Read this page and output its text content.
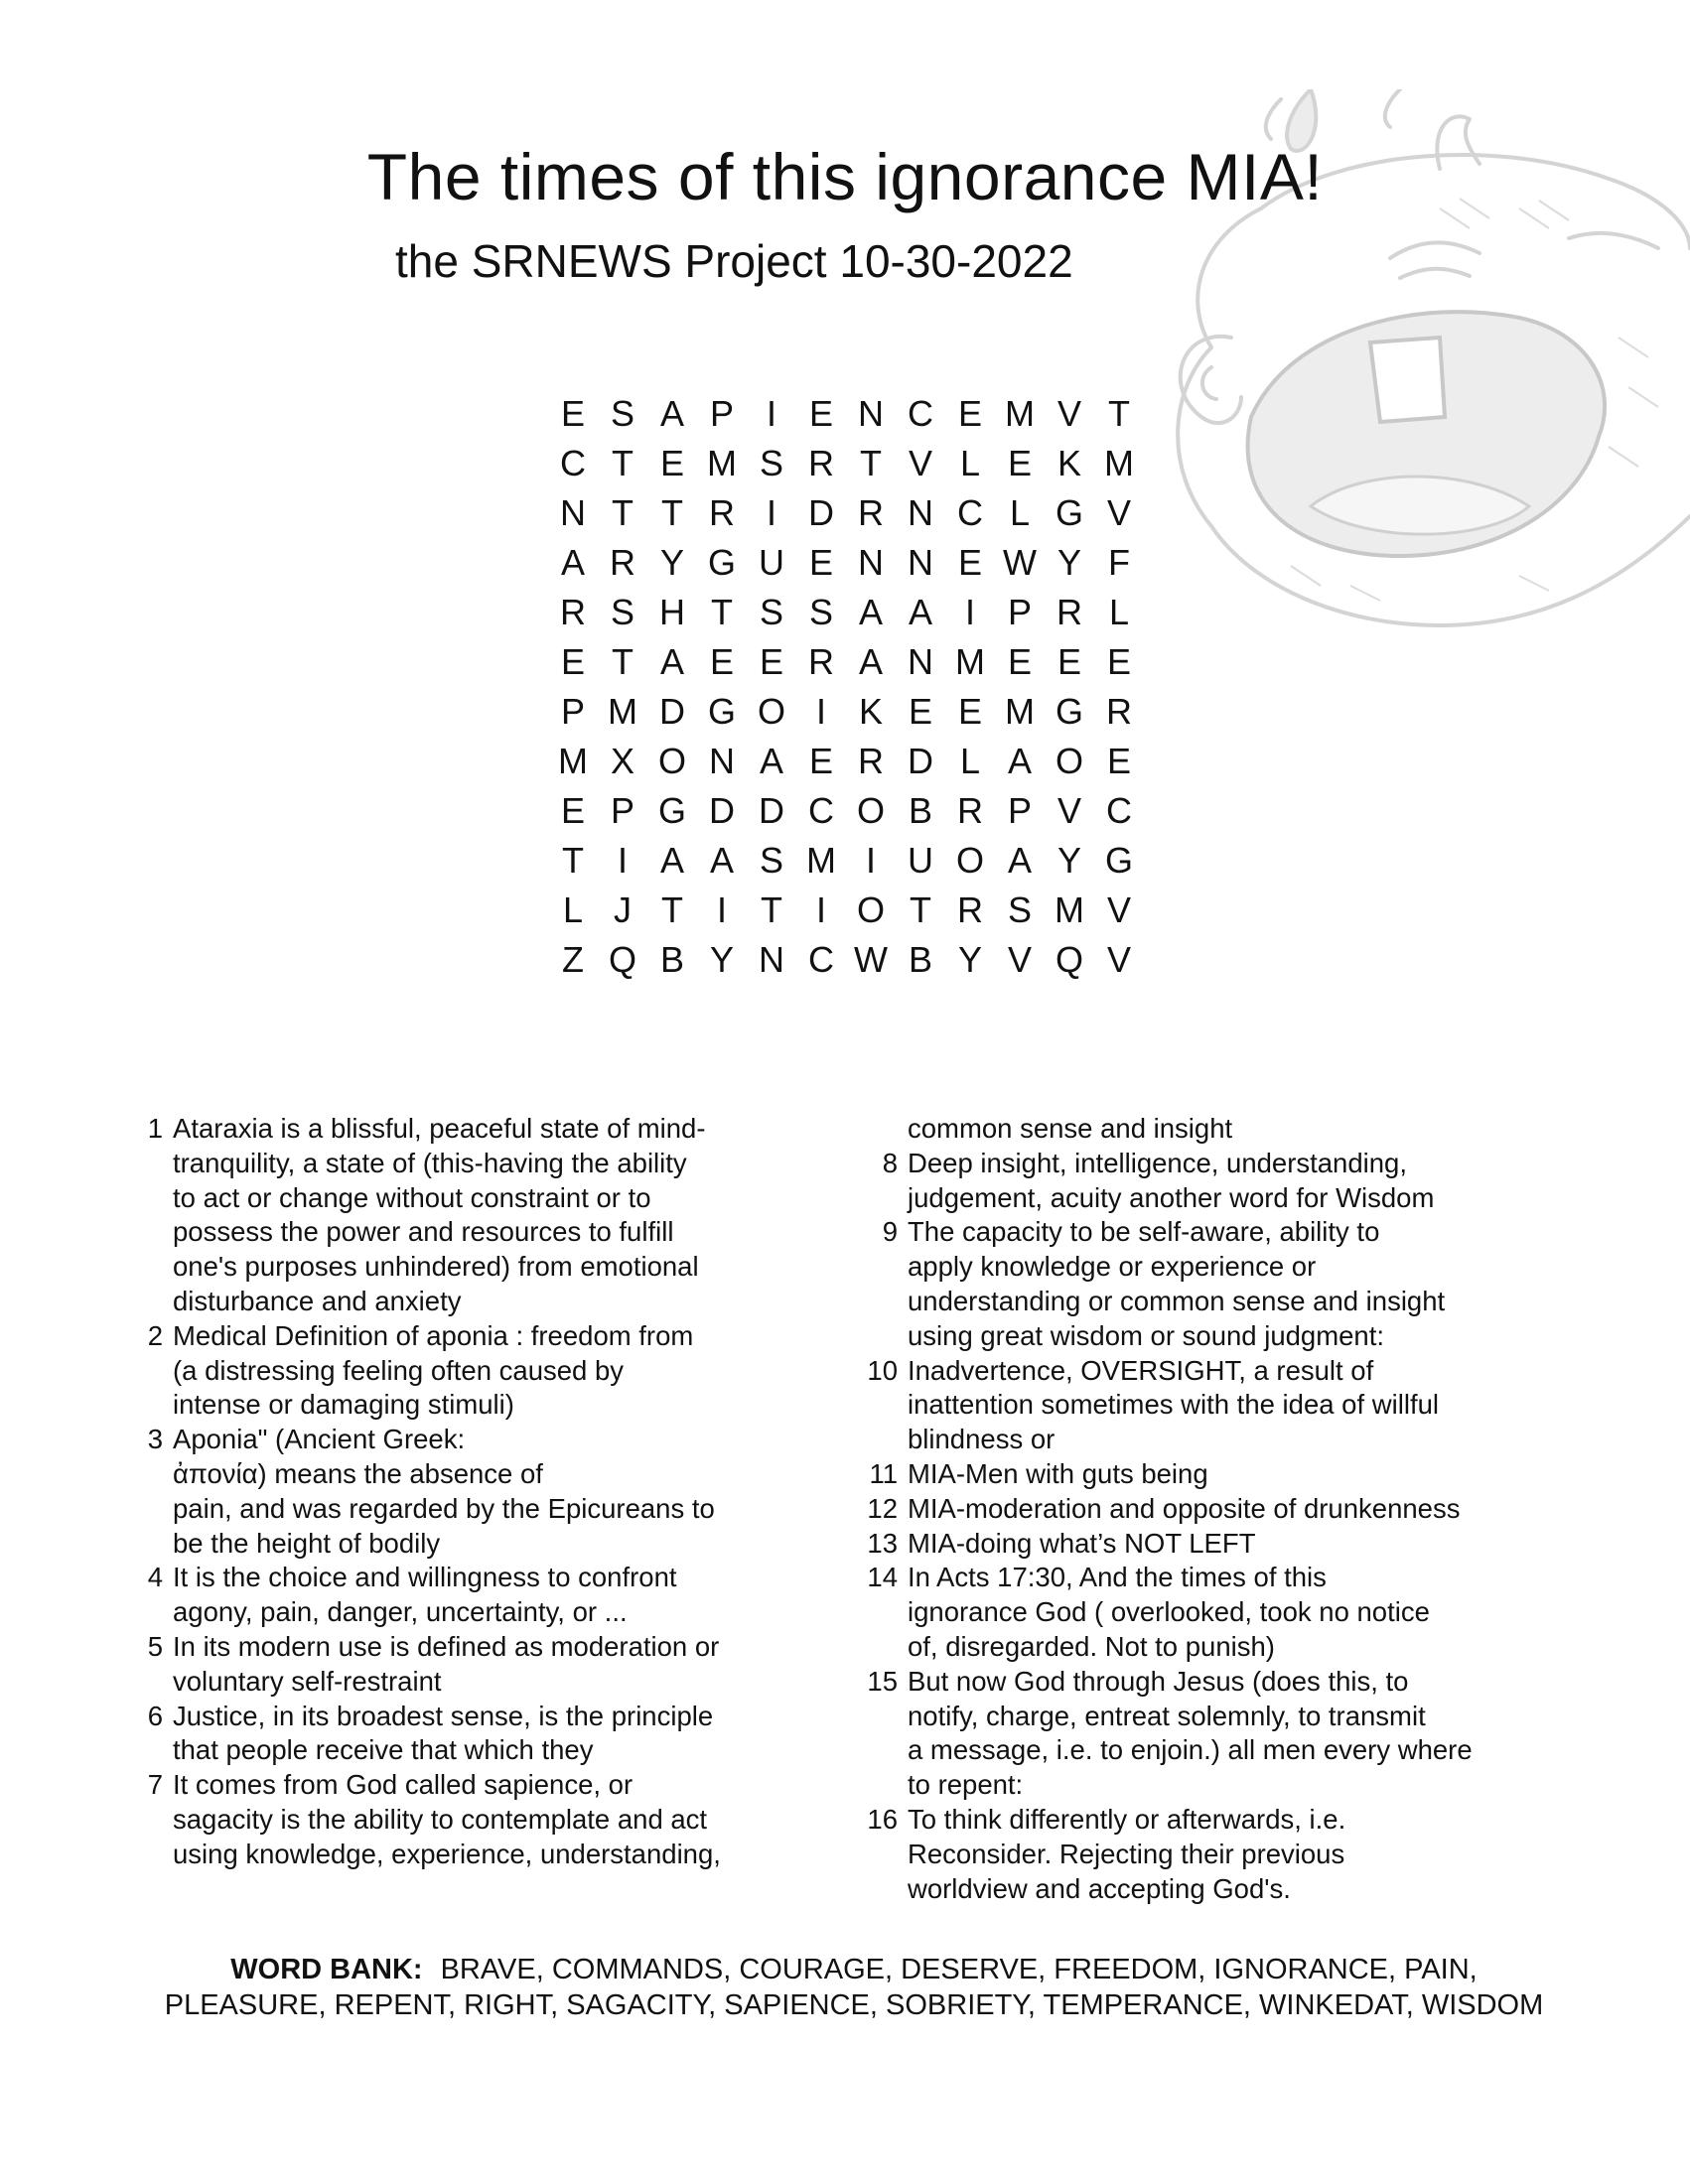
The times of this ignorance MIA!
the SRNEWS Project 10-30-2022
E S A P I E N C E M V T
C T E M S R T V L E K M
N T T R I D R N C L G V
A R Y G U E N N E W Y F
R S H T S S A A I P R L
E T A E E R A N M E E E
P M D G O I K E E M G R
M X O N A E R D L A O E
E P G D D C O B R P V C
T I A A S M I U O A Y G
L J T I T I O T R S M V
Z Q B Y N C W B Y V Q V
1 Ataraxia is a blissful, peaceful state of mind-
tranquility, a state of (this-having the ability
to act or change without constraint or to
possess the power and resources to fulfill
one's purposes unhindered) from emotional
disturbance and anxiety
2 Medical Definition of aponia : freedom from
(a distressing feeling often caused by
intense or damaging stimuli)
3 Aponia" (Ancient Greek:
ἀπονία) means the absence of
pain, and was regarded by the Epicureans to
be the height of bodily
4 It is the choice and willingness to confront
agony, pain, danger, uncertainty, or ...
5 In its modern use is defined as moderation or
voluntary self-restraint
6 Justice, in its broadest sense, is the principle
that people receive that which they
7 It comes from God called sapience, or
sagacity is the ability to contemplate and act
using knowledge, experience, understanding,
common sense and insight
8 Deep insight, intelligence, understanding,
judgement, acuity another word for Wisdom
9 The capacity to be self-aware, ability to
apply knowledge or experience or
understanding or common sense and insight
using great wisdom or sound judgment:
10 Inadvertence, OVERSIGHT, a result of
inattention sometimes with the idea of willful
blindness or
11 MIA-Men with guts being
12 MIA-moderation and opposite of drunkenness
13 MIA-doing what’s NOT LEFT
14 In Acts 17:30, And the times of this
ignorance God ( overlooked, took no notice
of, disregarded. Not to punish)
15 But now God through Jesus (does this, to
notify, charge, entreat solemnly, to transmit
a message, i.e. to enjoin.) all men every where
to repent:
16 To think differently or afterwards, i.e.
Reconsider. Rejecting their previous
worldview and accepting God's.
WORD BANK: BRAVE, COMMANDS, COURAGE, DESERVE, FREEDOM, IGNORANCE, PAIN,
PLEASURE, REPENT, RIGHT, SAGACITY, SAPIENCE, SOBRIETY, TEMPERANCE, WINKEDAT, WISDOM
